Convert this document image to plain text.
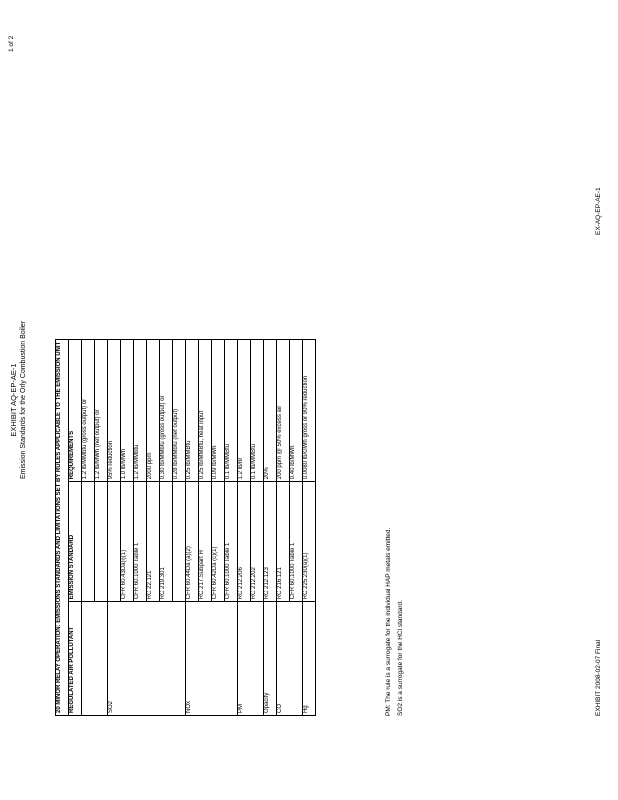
EXHIBIT AQ-EP-AE-1 Emission Standards for the Orly Combustion Boiler
1 of 2
20 MINOR RELAY OPERATION: EMISSIONS STANDARDS AND LIMITATIONS SET BY RULES APPLICABLE TO THE EMISSION UNIT		
REGULATED AIR POLLUTANT	EMISSION STANDARD	REQUIREMENTS
		1.2 lb/MMbtu (gross output) or
		1.2 lb/MWh (net output) or
SO2		95% reduction
	CFR 60.43Da(i)(1)	1.0 lb/MWh
	CFR 60.1000 Table 1	1.2 lb/MMbtu
	RC 22.121	2000 ppm
	RC 219.301	0.30 lb/MMbtu (gross output) or
		0.28 lb/MMbtu (net output)
NOx	CFR 60.44Da (a)(2)	0.25 lb/MMBtu
	RC 217.Subpart H	0.25 lb/MMBtu, heat input
	CFR 60.42Da (c)(1)	0.09 lb/MWh
	CFR 60.1000 Table 1	0.1 lb/MMBtu
PM	RC 212.206	1.2 lb/hr
	RC 212.202	0.1 lb/MMBtu
Opacity	RC 212.123	20%
CO	RC 216.121	200 ppm @ 50% excess air
	CFR 60.1000 Table 1	0.40 lb/MWh
Hg	RC 225.230(a)(1)	0.0080 lb/GWh gross or 90% reduction
PM: The rule is a surrogate for the individual HAP metals emitted. SO2 is a surrogate for the HCl standard.	EXHIBIT 2008-02-07 Final
EX-AQ-EP-AE-1
